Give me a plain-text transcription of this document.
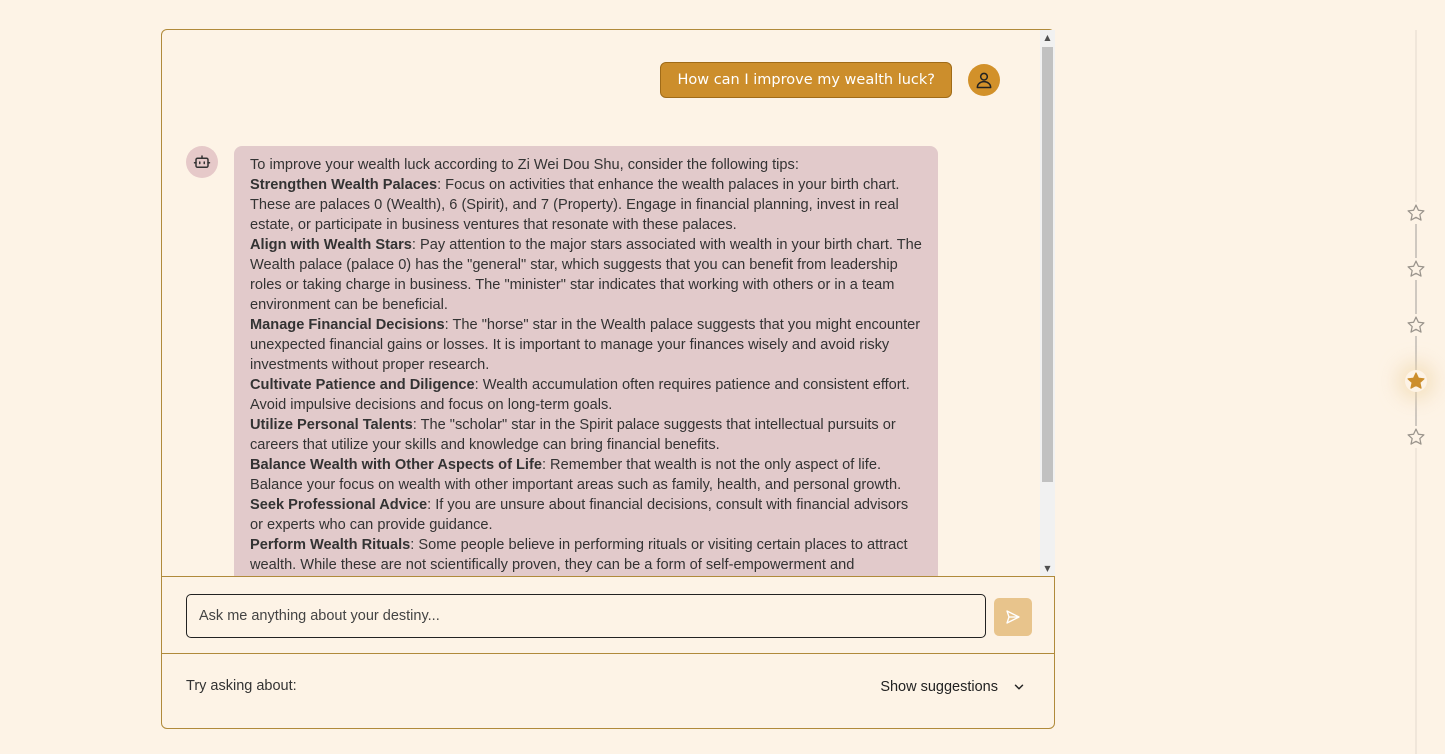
How can I improve my wealth luck?

To improve your wealth luck according to Zi Wei Dou Shu, consider the following tips:

Strengthen Wealth Palaces: Focus on activities that enhance the wealth palaces in your birth chart. These are palaces 0 (Wealth), 6 (Spirit), and 7 (Property). Engage in financial planning, invest in real estate, or participate in business ventures that resonate with these palaces.

Align with Wealth Stars: Pay attention to the major stars associated with wealth in your birth chart. The Wealth palace (palace 0) has the "general" star, which suggests that you can benefit from leadership roles or taking charge in business. The "minister" star indicates that working with others or in a team environment can be beneficial.

Manage Financial Decisions: The "horse" star in the Wealth palace suggests that you might encounter unexpected financial gains or losses. It is important to manage your finances wisely and avoid risky investments without proper research.

Cultivate Patience and Diligence: Wealth accumulation often requires patience and consistent effort. Avoid impulsive decisions and focus on long-term goals.

Utilize Personal Talents: The "scholar" star in the Spirit palace suggests that intellectual pursuits or careers that utilize your skills and knowledge can bring financial benefits.

Balance Wealth with Other Aspects of Life: Remember that wealth is not the only aspect of life. Balance your focus on wealth with other important areas such as family, health, and personal growth.

Seek Professional Advice: If you are unsure about financial decisions, consult with financial advisors or experts who can provide guidance.

Perform Wealth Rituals: Some people believe in performing rituals or visiting certain places to attract wealth. While these are not scientifically proven, they can be a form of self-empowerment and

▲
▼
Ask me anything about your destiny...
Try asking about:	Show suggestions
